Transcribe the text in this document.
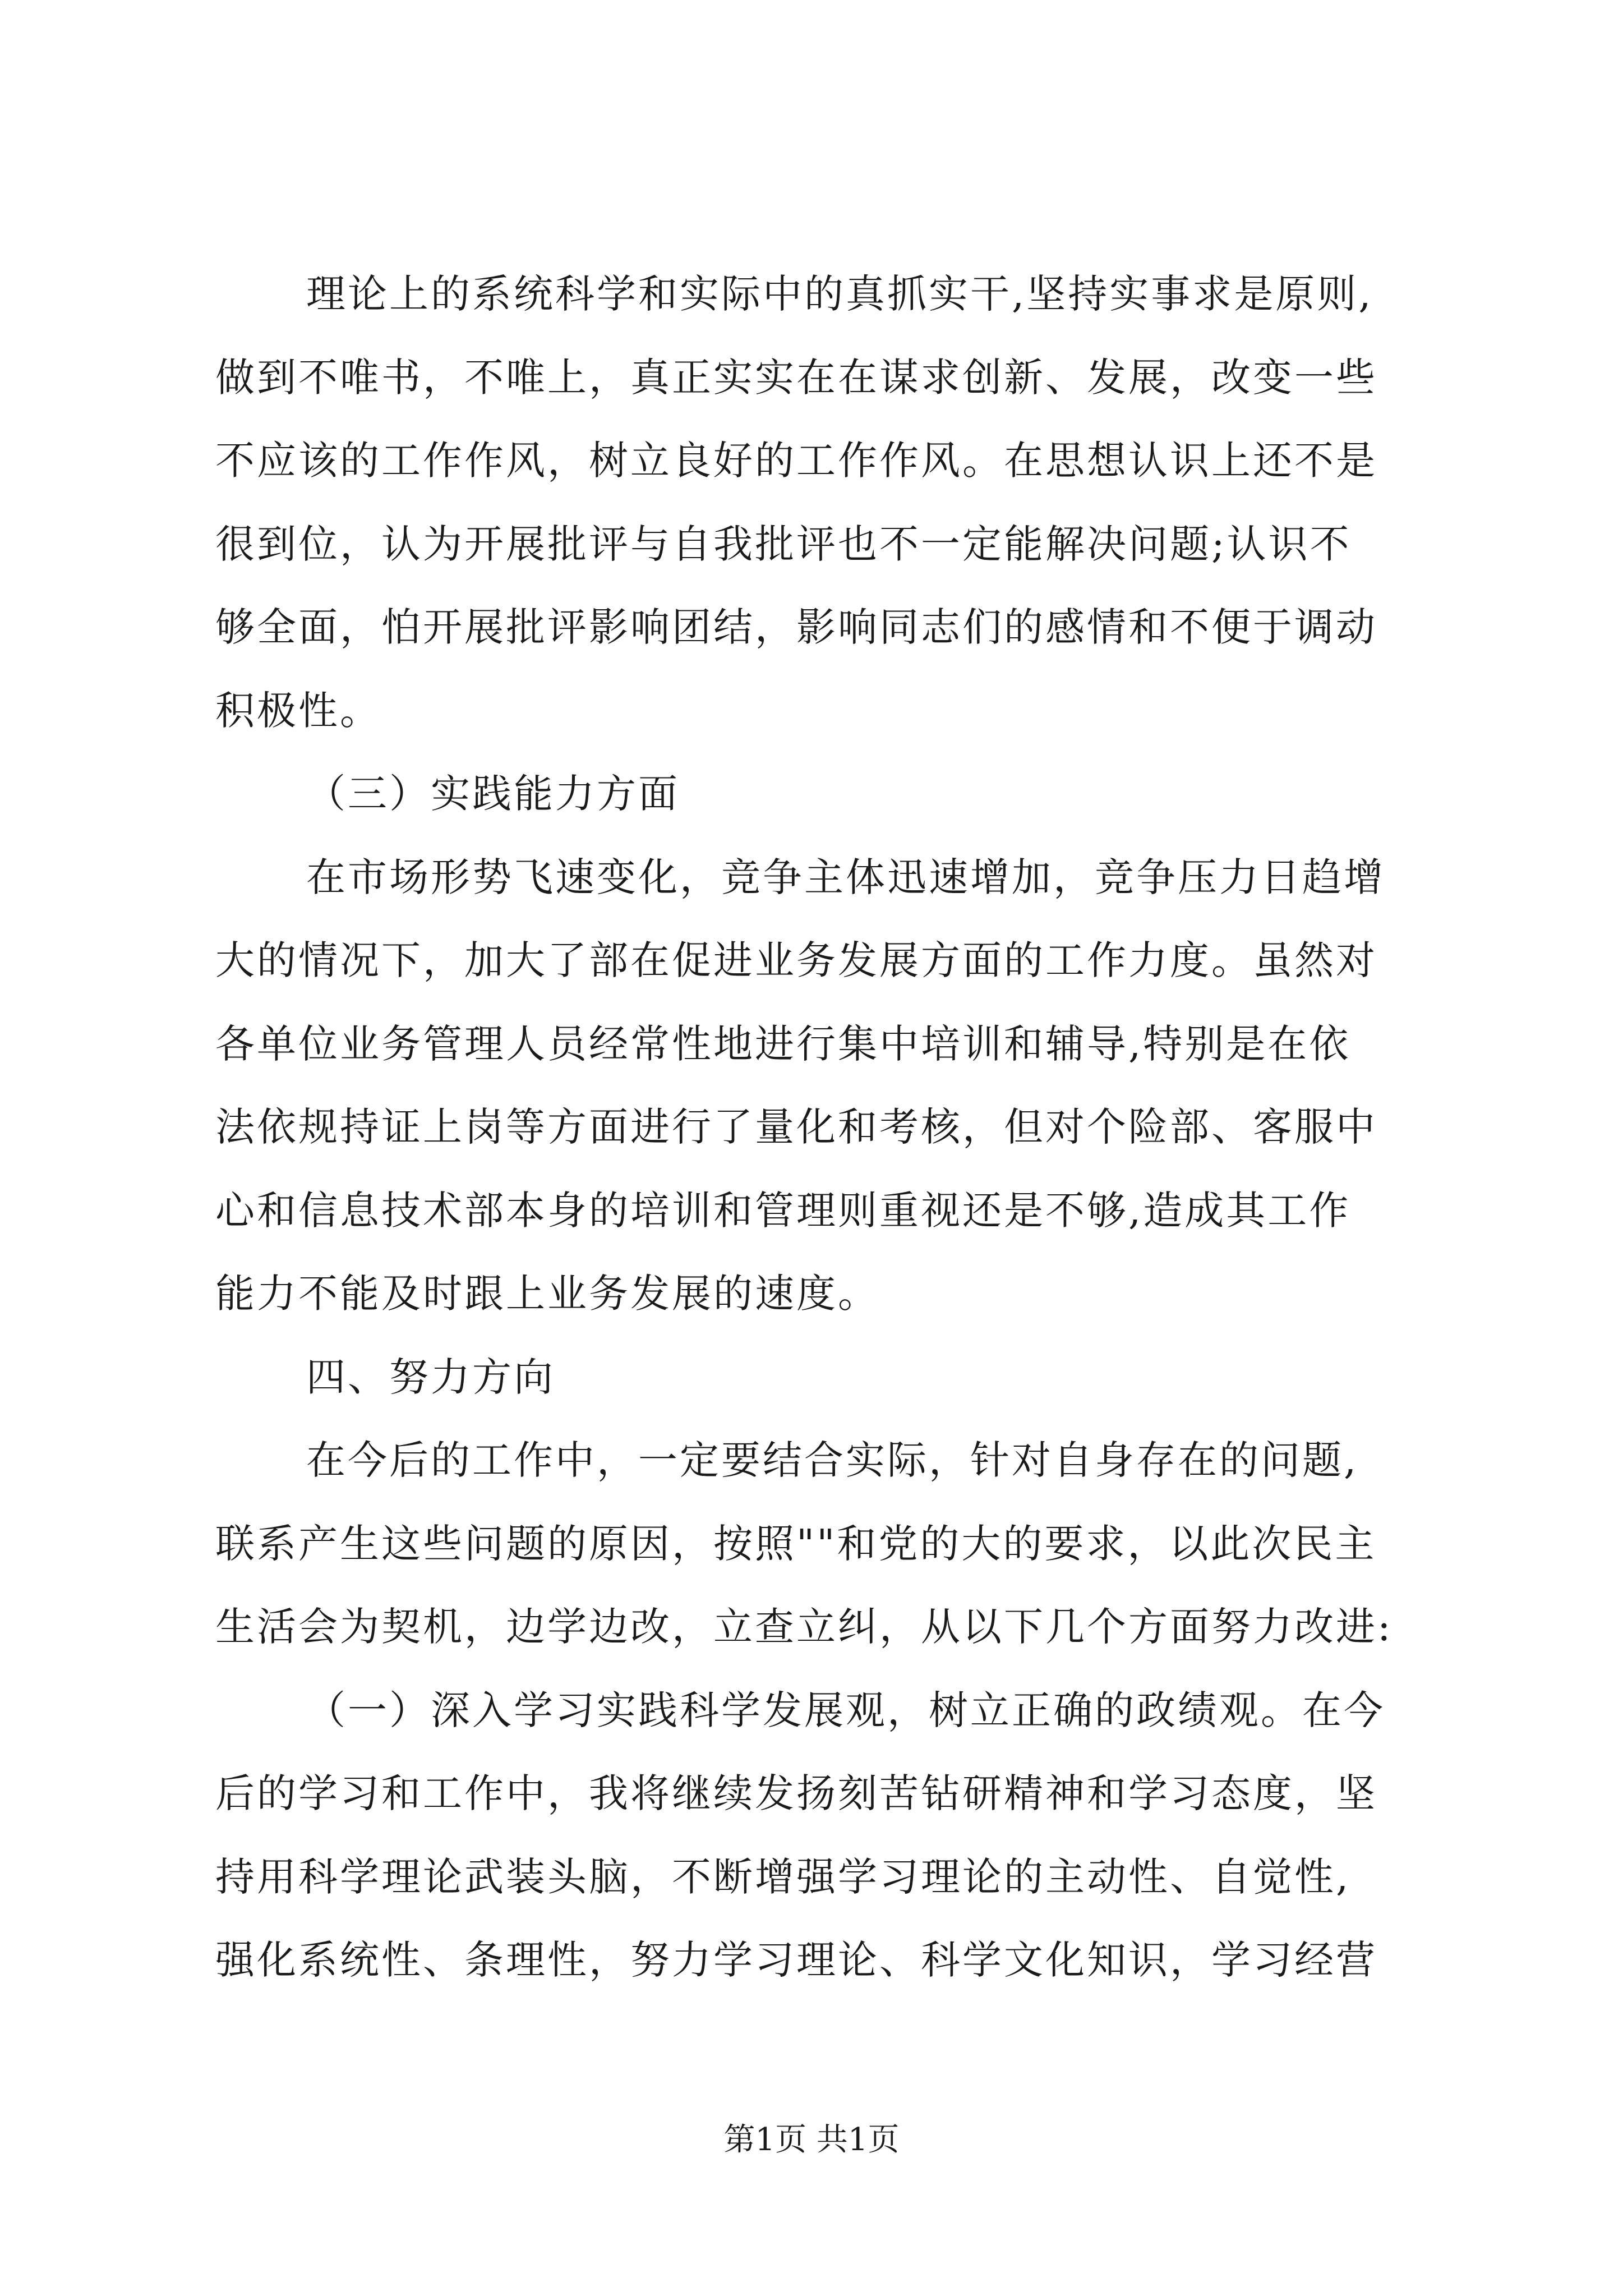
理论上的系统科学和实际中的真抓实干,坚持实事求是原则,
做到不唯书，不唯上，真正实实在在谋求创新、发展，改变一些
不应该的工作作风，树立良好的工作作风。在思想认识上还不是
很到位，认为开展批评与自我批评也不一定能解决问题;认识不
够全面，怕开展批评影响团结，影响同志们的感情和不便于调动
积极性。
（三）实践能力方面
在市场形势飞速变化，竞争主体迅速增加，竞争压力日趋增
大的情况下，加大了部在促进业务发展方面的工作力度。虽然对
各单位业务管理人员经常性地进行集中培训和辅导,特别是在依
法依规持证上岗等方面进行了量化和考核，但对个险部、客服中
心和信息技术部本身的培训和管理则重视还是不够,造成其工作
能力不能及时跟上业务发展的速度。
四、努力方向
在今后的工作中，一定要结合实际，针对自身存在的问题,
联系产生这些问题的原因，按照""和党的大的要求，以此次民主
生活会为契机，边学边改，立查立纠，从以下几个方面努力改进:
（一）深入学习实践科学发展观，树立正确的政绩观。在今
后的学习和工作中，我将继续发扬刻苦钻研精神和学习态度，坚
持用科学理论武装头脑，不断增强学习理论的主动性、自觉性,
强化系统性、条理性，努力学习理论、科学文化知识，学习经营
第1页 共1页
